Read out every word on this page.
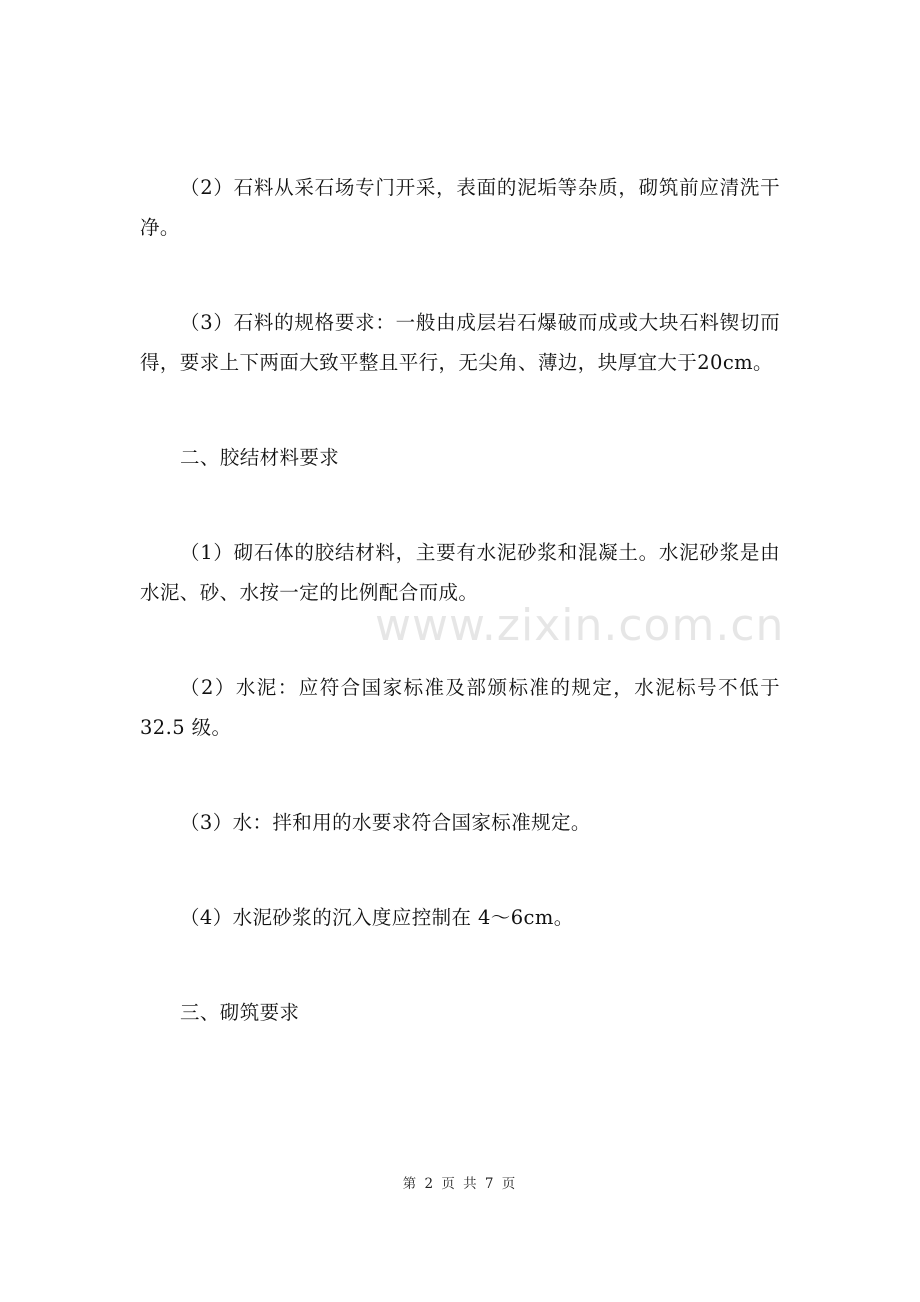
（2）石料从采石场专门开采，表面的泥垢等杂质，砌筑前应清洗干净。

（3）石料的规格要求：一般由成层岩石爆破而成或大块石料锲切而得，要求上下两面大致平整且平行，无尖角、薄边，块厚宜大于20cm。

二、胶结材料要求

（1）砌石体的胶结材料，主要有水泥砂浆和混凝土。水泥砂浆是由水泥、砂、水按一定的比例配合而成。

（2）水泥：应符合国家标准及部颁标准的规定，水泥标号不低于 32.5 级。

（3）水：拌和用的水要求符合国家标准规定。

（4）水泥砂浆的沉入度应控制在 4～6cm。

三、砌筑要求

www.zixin.com.cn
第 2 页 共 7 页
